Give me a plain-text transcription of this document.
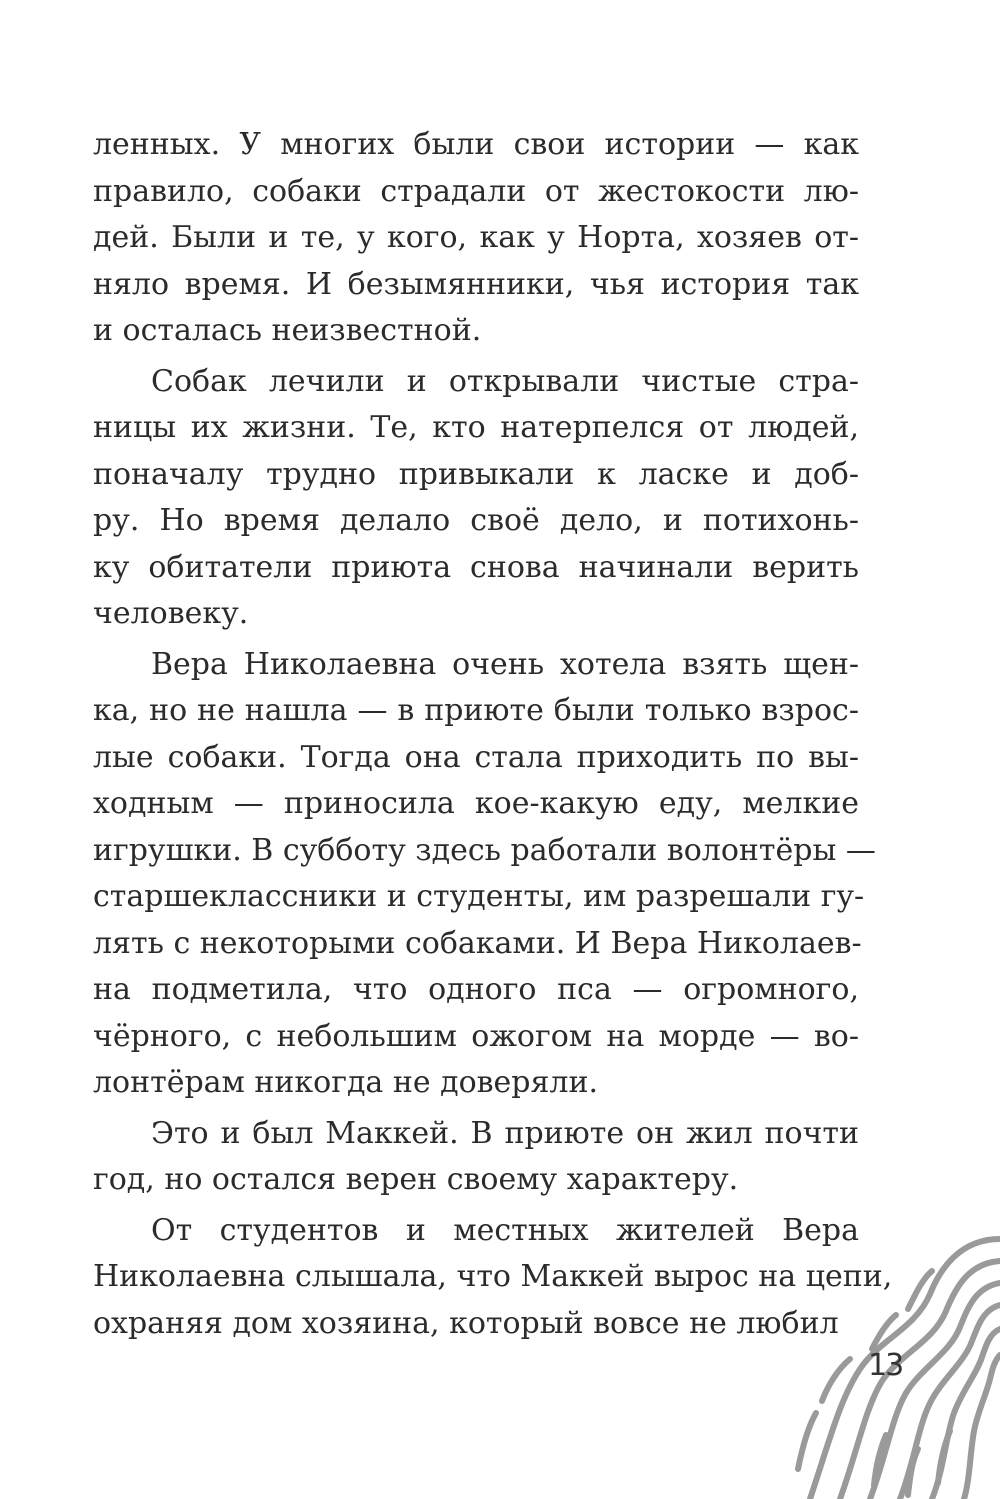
ленных. У многих были свои истории — как
правило, собаки страдали от жестокости лю-
дей. Были и те, у кого, как у Норта, хозяев от-
няло время. И безымянники, чья история так
и осталась неизвестной.
Собак лечили и открывали чистые стра-
ницы их жизни. Те, кто натерпелся от людей,
поначалу трудно привыкали к ласке и доб-
ру. Но время делало своё дело, и потихонь-
ку обитатели приюта снова начинали верить
человеку.
Вера Николаевна очень хотела взять щен-
ка, но не нашла — в приюте были только взрос-
лые собаки. Тогда она стала приходить по вы-
ходным — приносила кое-какую еду, мелкие
игрушки. В субботу здесь работали волонтёры —
старшеклассники и студенты, им разрешали гу-
лять с некоторыми собаками. И Вера Николаев-
на подметила, что одного пса — огромного,
чёрного, с небольшим ожогом на морде — во-
лонтёрам никогда не доверяли.
Это и был Маккей. В приюте он жил почти
год, но остался верен своему характеру.
От студентов и местных жителей Вера
Николаевна слышала, что Маккей вырос на цепи,
охраняя дом хозяина, который вовсе не любил
13
